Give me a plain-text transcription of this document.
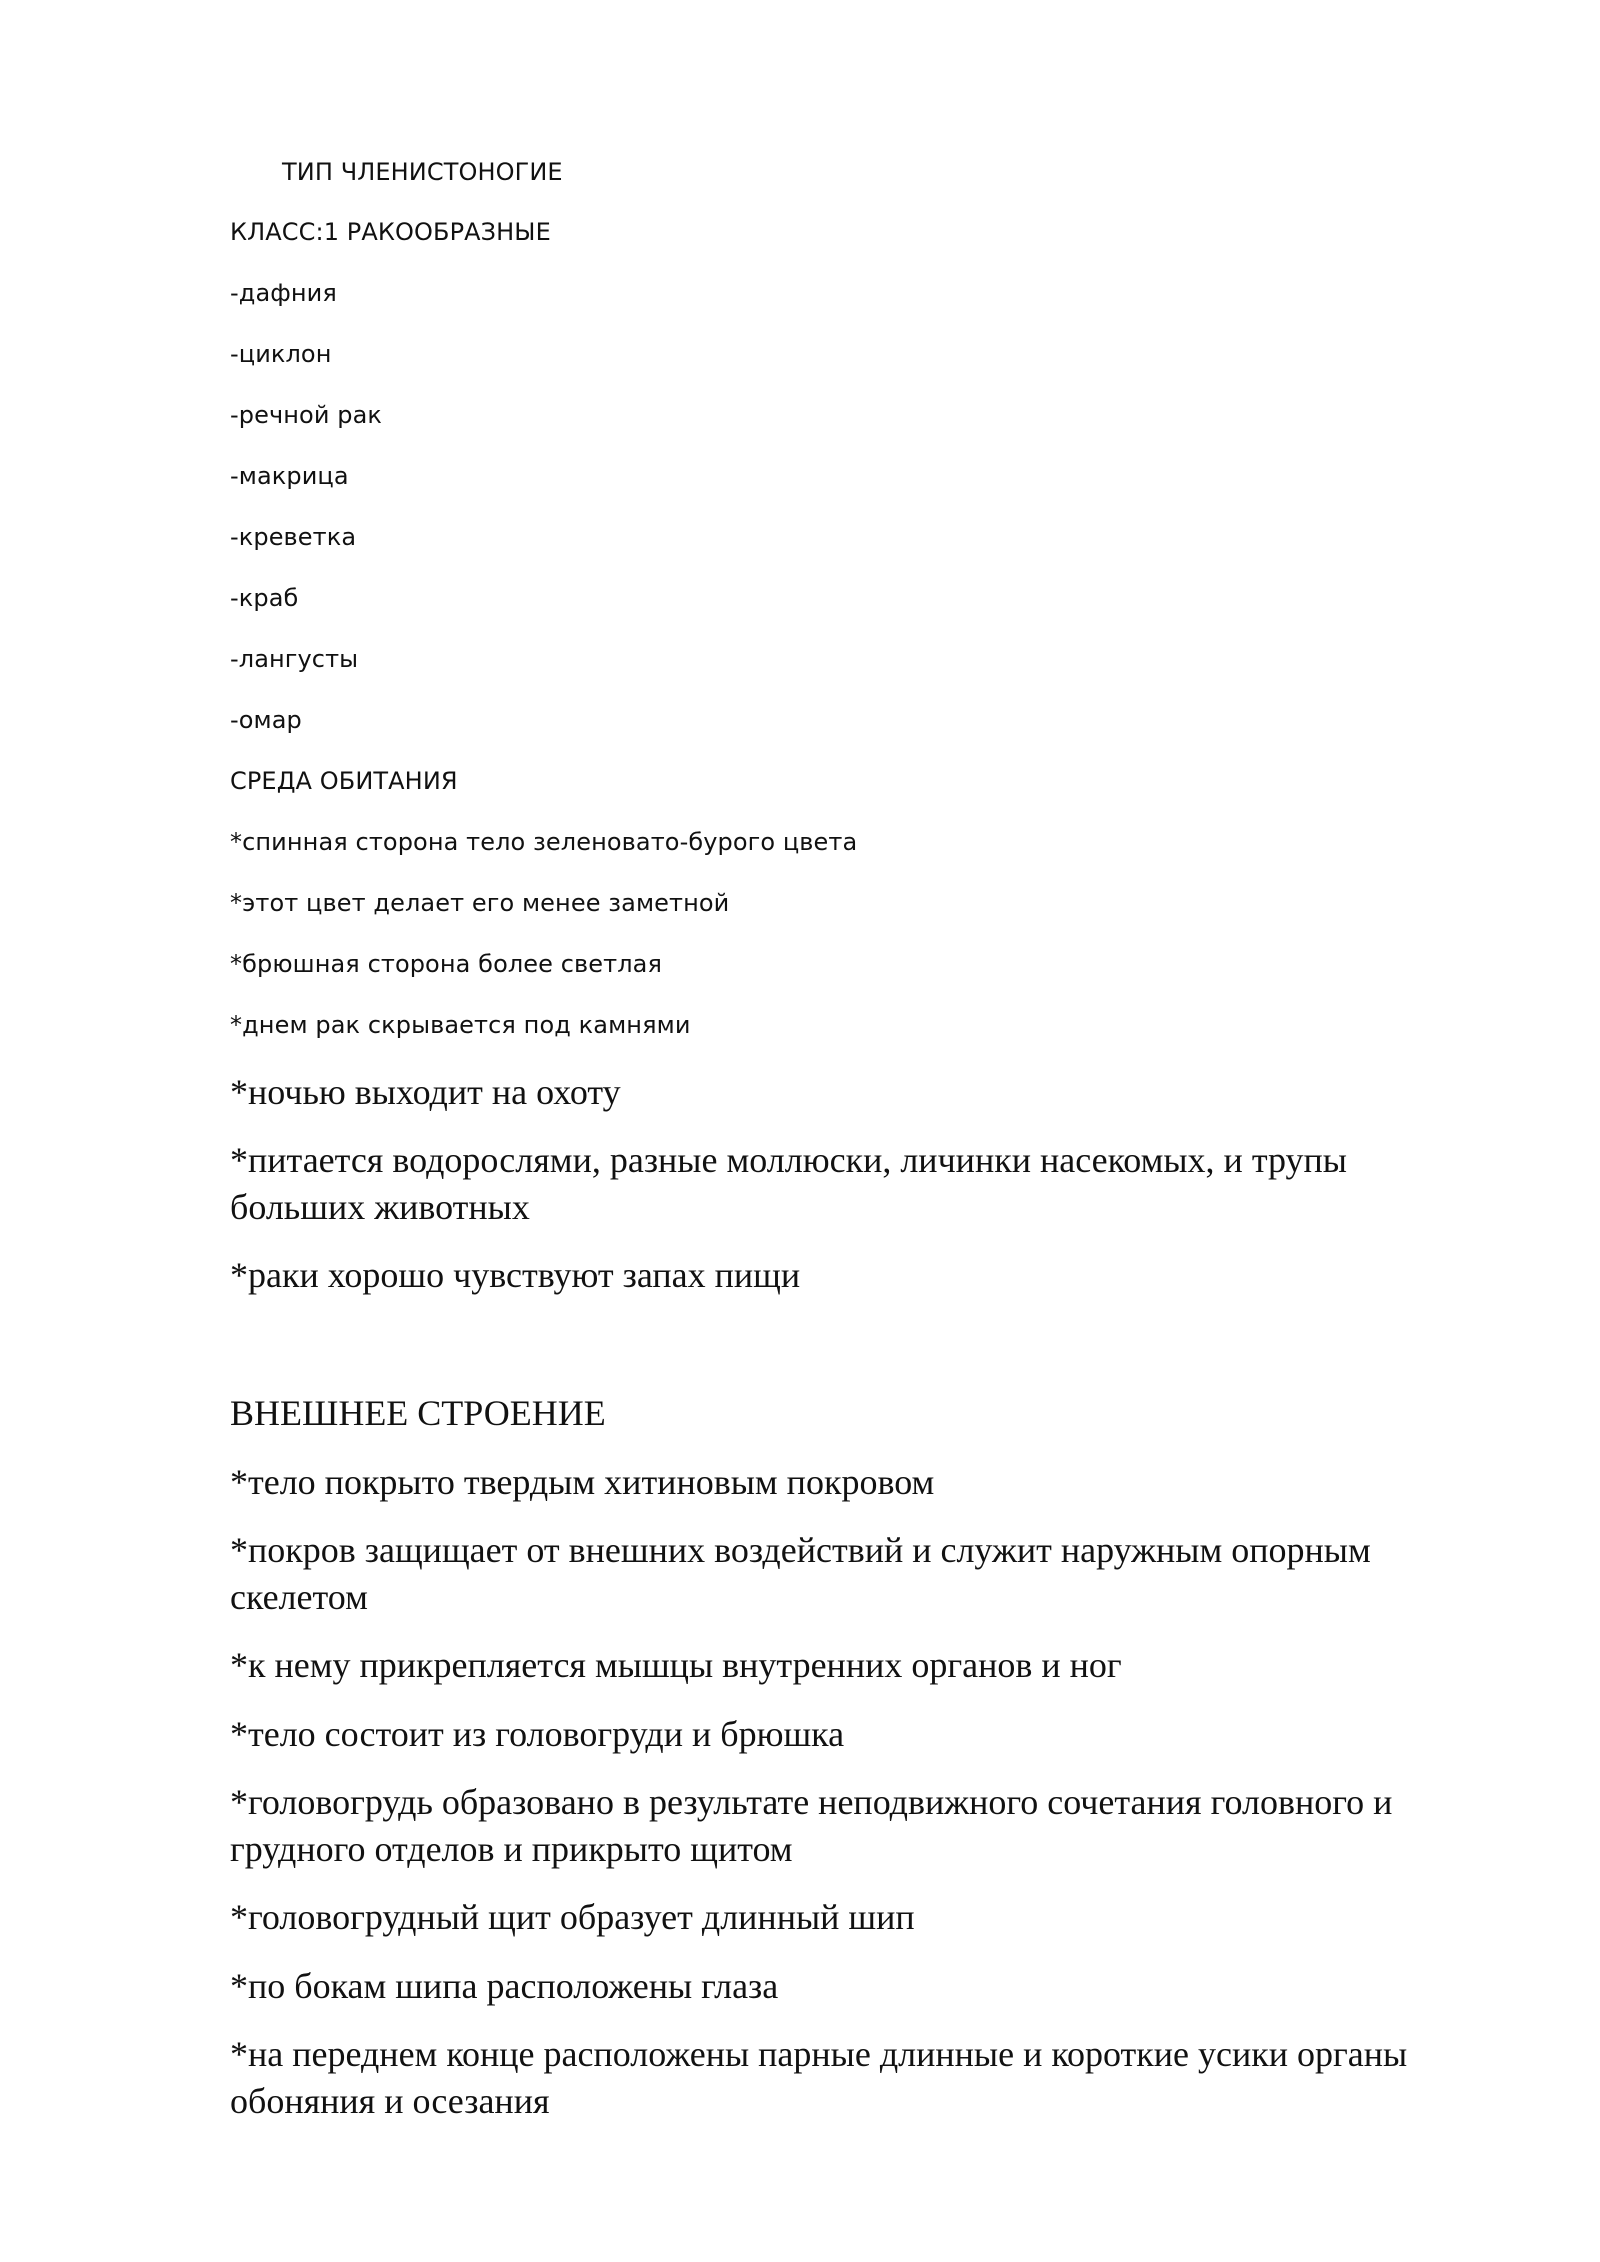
ТИП ЧЛЕНИСТОНОГИЕ

КЛАСС:1 РАКООБРАЗНЫЕ

-дафния

-циклон

-речной рак

-макрица

-креветка

-краб

-лангусты

-омар

СРЕДА ОБИТАНИЯ

*спинная сторона тело зеленовато-бурого цвета

*этот цвет делает его менее заметной

*брюшная сторона более светлая

*днем рак скрывается под камнями

*ночью выходит на охоту

*питается водорослями, разные моллюски, личинки насекомых, и трупы

больших животных

*раки хорошо чувствуют запах пищи

ВНЕШНЕЕ СТРОЕНИЕ

*тело покрыто твердым хитиновым покровом

*покров защищает от внешних воздействий и служит наружным опорным

скелетом

*к нему прикрепляется мышцы внутренних органов и ног

*тело состоит из головогруди и брюшка

*головогрудь образовано в результате неподвижного сочетания головного и

грудного отделов и прикрыто щитом

*головогрудный щит образует длинный шип

*по бокам шипа расположены глаза

*на переднем конце расположены парные длинные и короткие усики органы

обоняния и осезания
